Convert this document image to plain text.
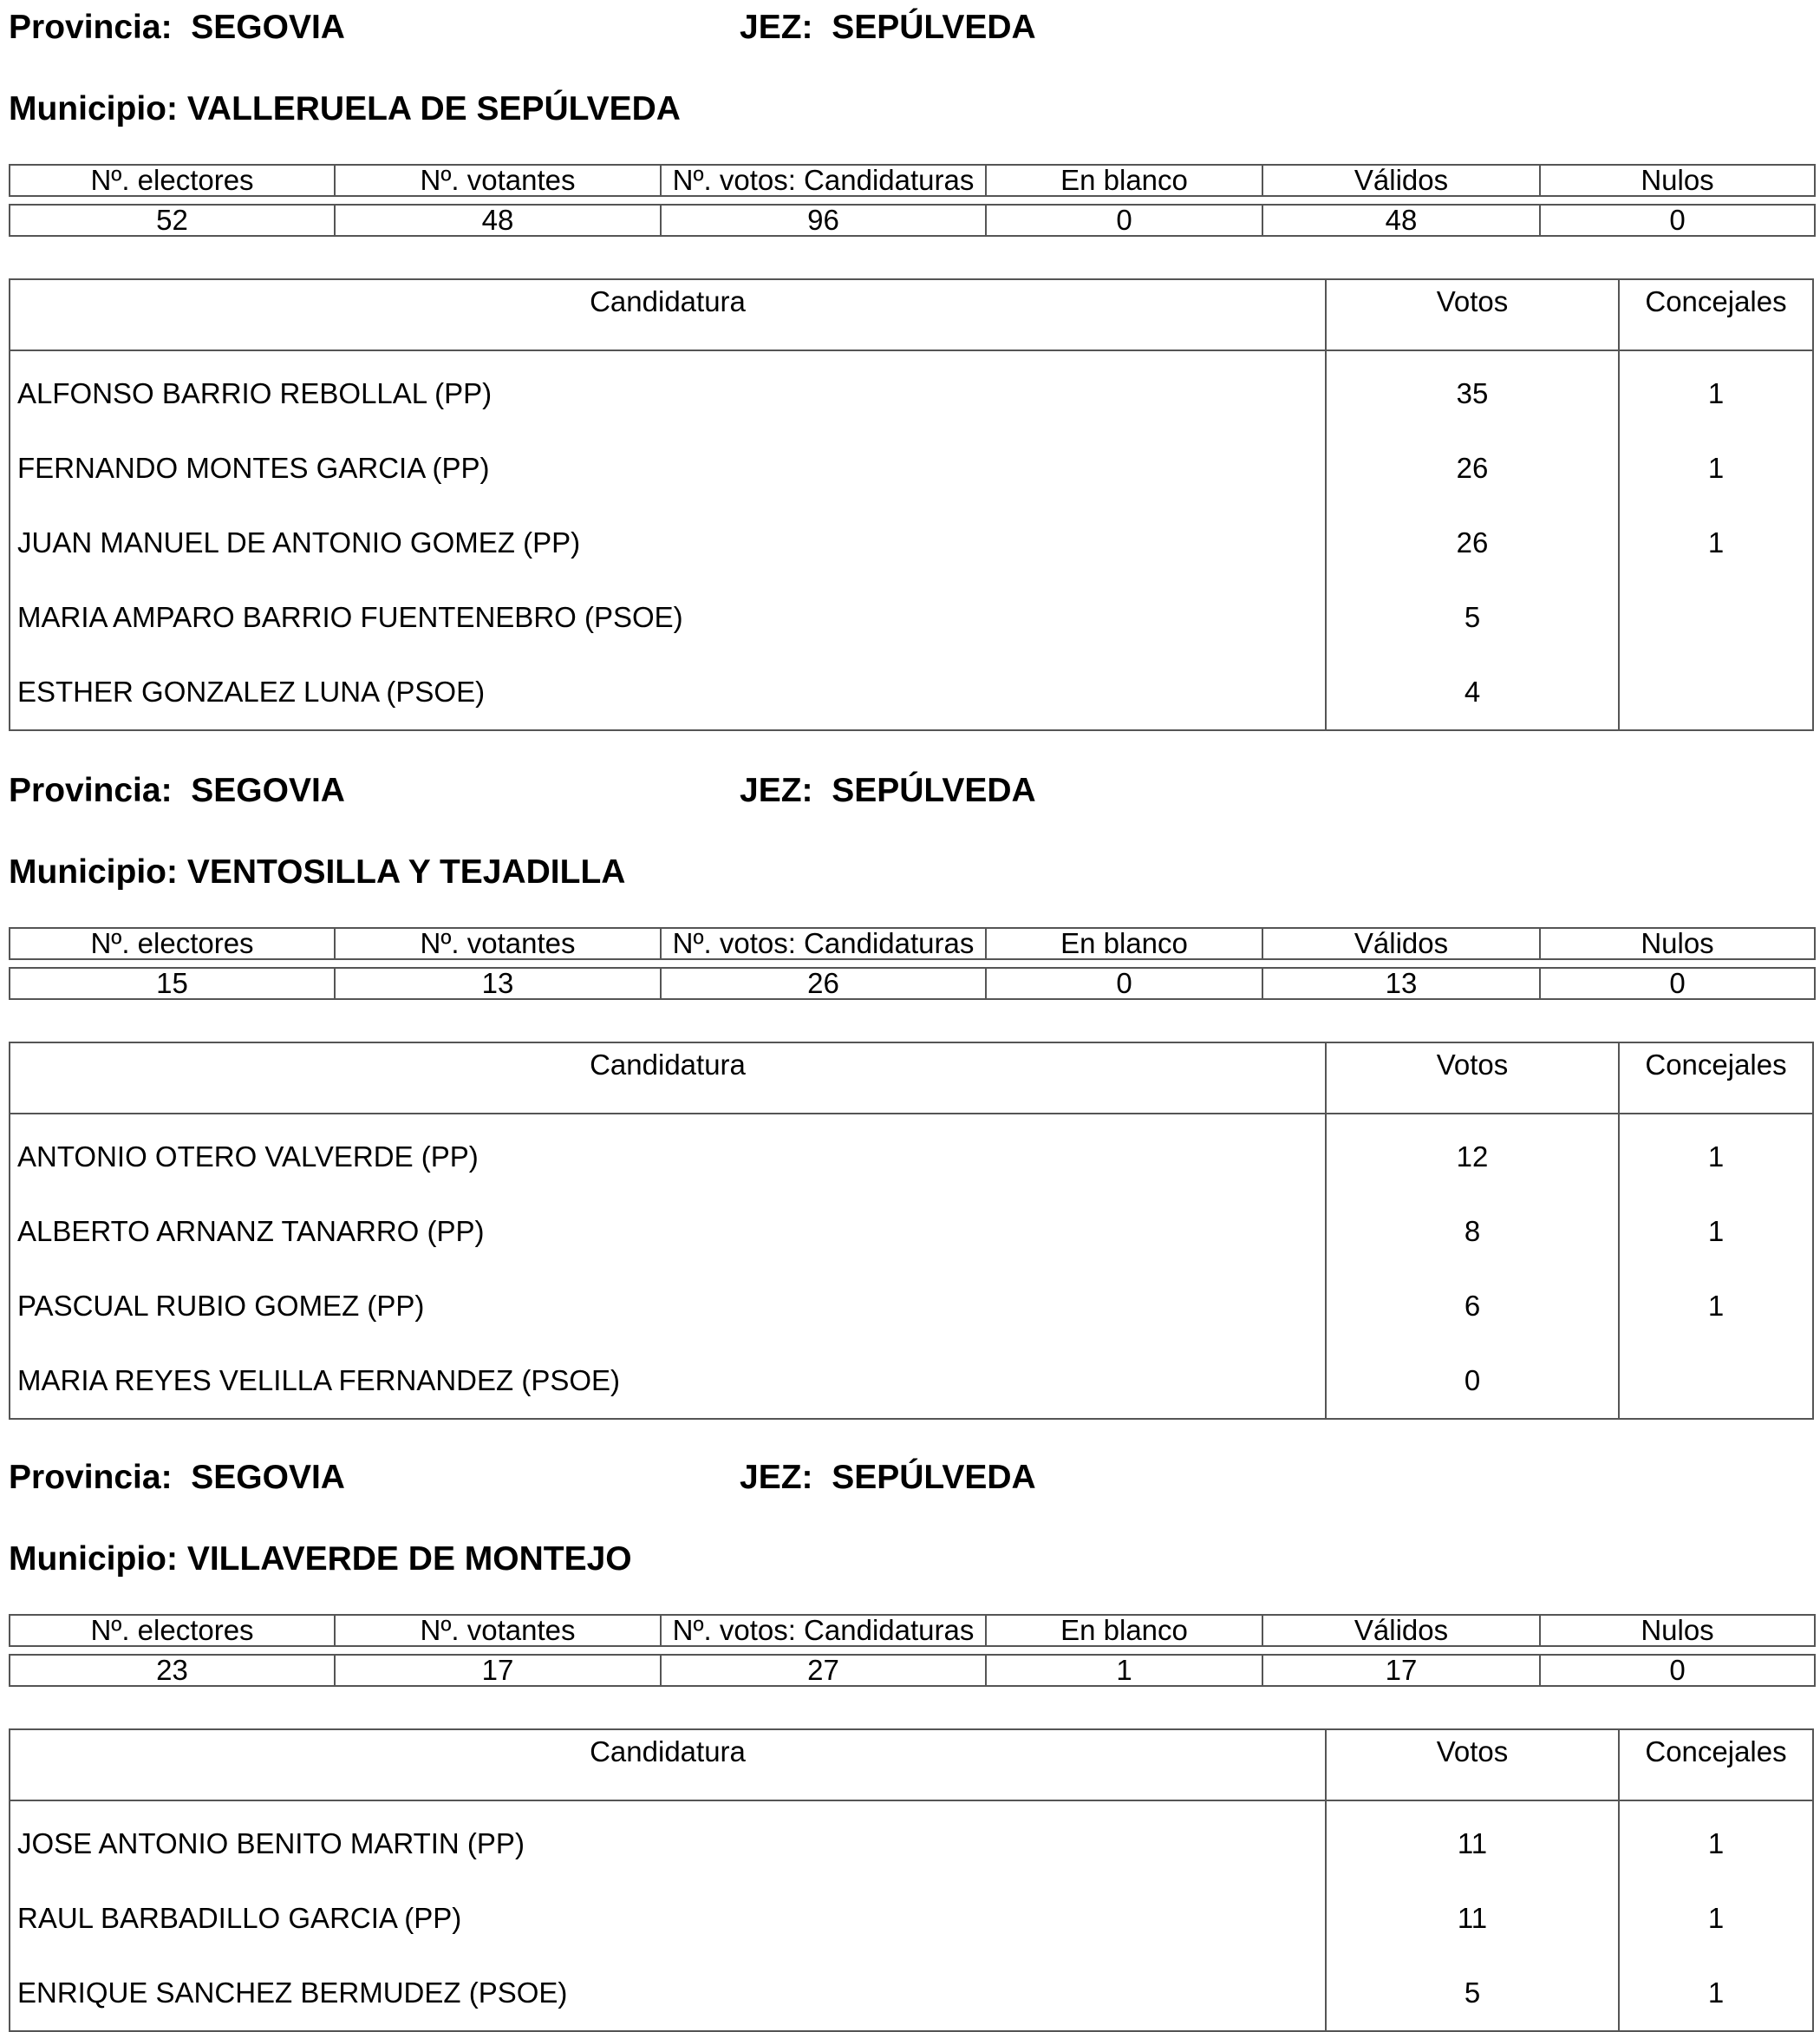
Provincia: SEGOVIA	JEZ: SEPÚLVEDA
Municipio: VALLERUELA DE SEPÚLVEDA
Nº. electores	Nº. votantes	Nº. votos: Candidaturas	En blanco	Válidos	Nulos

52	48	96	0	48	0
Candidatura	Votos	Concejales
ALFONSO BARRIO REBOLLAL (PP)	35	1
FERNANDO MONTES GARCIA (PP)	26	1
JUAN MANUEL DE ANTONIO GOMEZ (PP)	26	1
MARIA AMPARO BARRIO FUENTENEBRO (PSOE)	5
ESTHER GONZALEZ LUNA (PSOE)	4
Provincia: SEGOVIA	JEZ: SEPÚLVEDA
Municipio: VENTOSILLA Y TEJADILLA
Nº. electores	Nº. votantes	Nº. votos: Candidaturas	En blanco	Válidos	Nulos

15	13	26	0	13	0
Candidatura	Votos	Concejales
ANTONIO OTERO VALVERDE (PP)	12	1
ALBERTO ARNANZ TANARRO (PP)	8	1
PASCUAL RUBIO GOMEZ (PP)	6	1
MARIA REYES VELILLA FERNANDEZ (PSOE)	0
Provincia: SEGOVIA	JEZ: SEPÚLVEDA
Municipio: VILLAVERDE DE MONTEJO
Nº. electores	Nº. votantes	Nº. votos: Candidaturas	En blanco	Válidos	Nulos

23	17	27	1	17	0
Candidatura	Votos	Concejales
JOSE ANTONIO BENITO MARTIN (PP)	11	1
RAUL BARBADILLO GARCIA (PP)	11	1
ENRIQUE SANCHEZ BERMUDEZ (PSOE)	5	1
